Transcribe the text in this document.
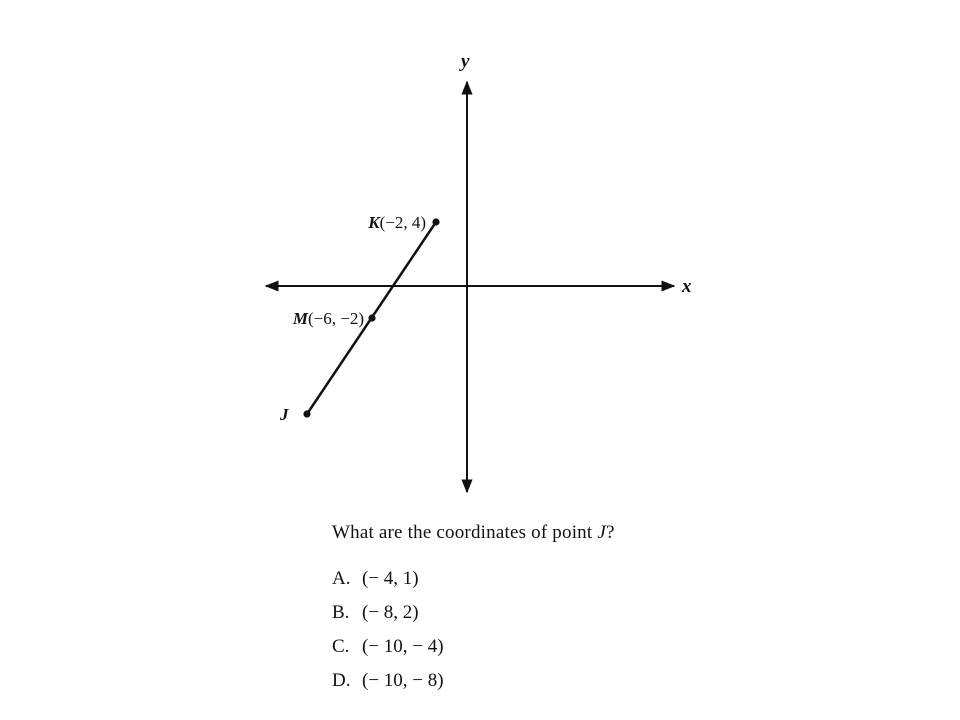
x
y
K(−2, 4)
M(−6, −2)
J

What are the coordinates of point J?

A. (− 4, 1)
B. (− 8, 2)
C. (− 10, − 4)
D. (− 10, − 8)
